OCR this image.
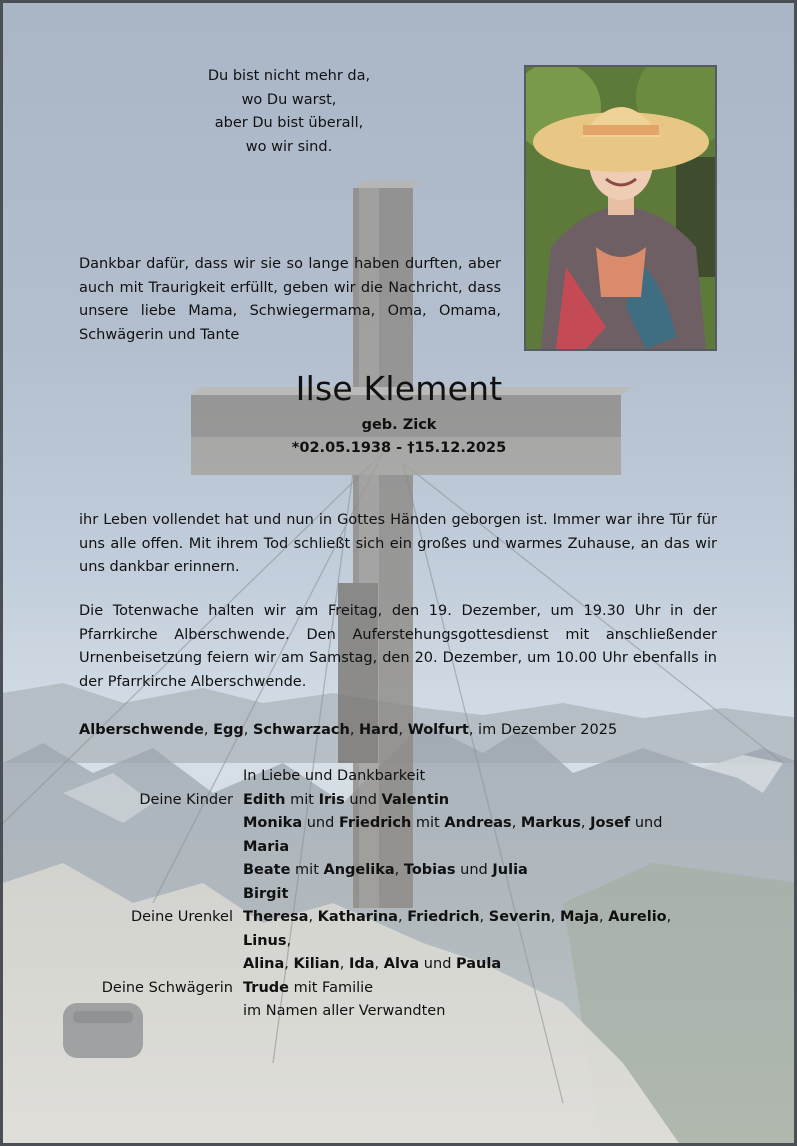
Du bist nicht mehr da,
wo Du warst,
aber Du bist überall,
wo wir sind.
Dankbar dafür, dass wir sie so lange haben durften, aber auch mit Traurigkeit erfüllt, geben wir die Nachricht, dass unsere liebe Mama, Schwiegermama, Oma, Omama, Schwägerin und Tante
Ilse Klement
geb. Zick
*02.05.1938 - †15.12.2025
ihr Leben vollendet hat und nun in Gottes Händen geborgen ist. Immer war ihre Tür für uns alle offen. Mit ihrem Tod schließt sich ein großes und warmes Zuhause, an das wir uns dankbar erinnern.
Die Totenwache halten wir am Freitag, den 19. Dezember, um 19.30 Uhr in der Pfarrkirche Alberschwende. Den Auferstehungsgottesdienst mit anschließender Urnenbeisetzung feiern wir am Samstag, den 20. Dezember, um 10.00 Uhr ebenfalls in der Pfarrkirche Alberschwende.
Alberschwende, Egg, Schwarzach, Hard, Wolfurt, im Dezember 2025
In Liebe und Dankbarkeit
Deine Kinder Edith mit Iris und Valentin
Monika und Friedrich mit Andreas, Markus, Josef und Maria
Beate mit Angelika, Tobias und Julia
Birgit
Deine Urenkel Theresa, Katharina, Friedrich, Severin, Maja, Aurelio, Linus,
Alina, Kilian, Ida, Alva und Paula
Deine Schwägerin Trude mit Familie
im Namen aller Verwandten
